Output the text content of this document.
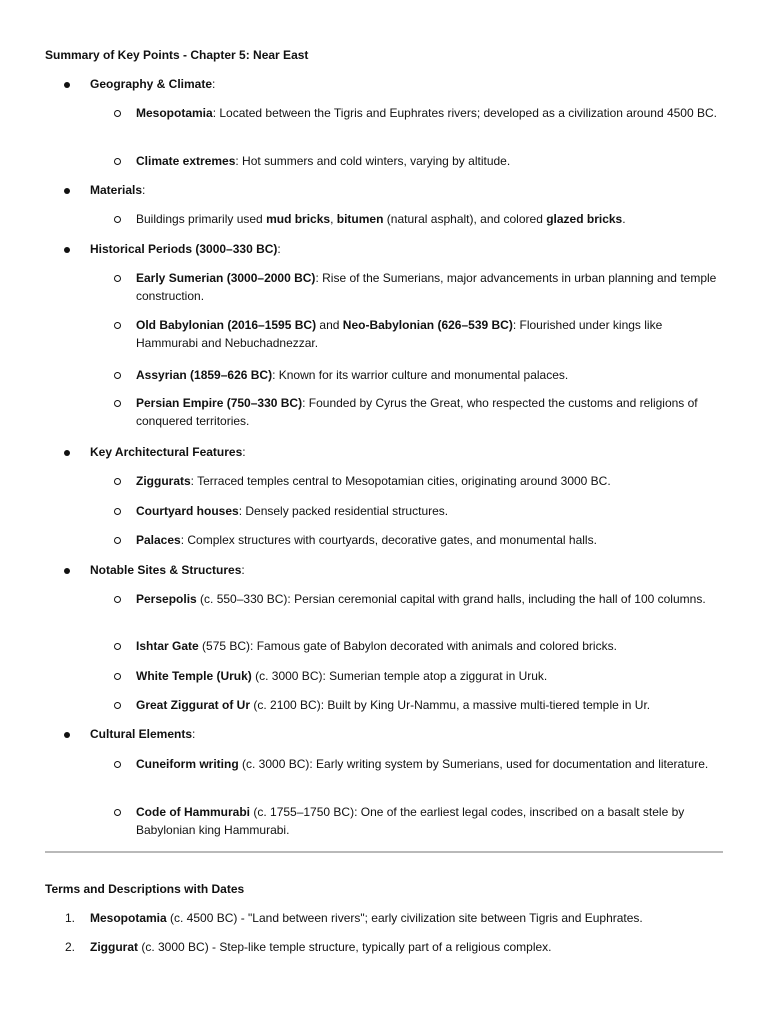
Summary of Key Points - Chapter 5: Near East
Geography & Climate:
Mesopotamia: Located between the Tigris and Euphrates rivers; developed as a civilization around 4500 BC.
Climate extremes: Hot summers and cold winters, varying by altitude.
Materials:
Buildings primarily used mud bricks, bitumen (natural asphalt), and colored glazed bricks.
Historical Periods (3000–330 BC):
Early Sumerian (3000–2000 BC): Rise of the Sumerians, major advancements in urban planning and temple construction.
Old Babylonian (2016–1595 BC) and Neo-Babylonian (626–539 BC): Flourished under kings like Hammurabi and Nebuchadnezzar.
Assyrian (1859–626 BC): Known for its warrior culture and monumental palaces.
Persian Empire (750–330 BC): Founded by Cyrus the Great, who respected the customs and religions of conquered territories.
Key Architectural Features:
Ziggurats: Terraced temples central to Mesopotamian cities, originating around 3000 BC.
Courtyard houses: Densely packed residential structures.
Palaces: Complex structures with courtyards, decorative gates, and monumental halls.
Notable Sites & Structures:
Persepolis (c. 550–330 BC): Persian ceremonial capital with grand halls, including the hall of 100 columns.
Ishtar Gate (575 BC): Famous gate of Babylon decorated with animals and colored bricks.
White Temple (Uruk) (c. 3000 BC): Sumerian temple atop a ziggurat in Uruk.
Great Ziggurat of Ur (c. 2100 BC): Built by King Ur-Nammu, a massive multi-tiered temple in Ur.
Cultural Elements:
Cuneiform writing (c. 3000 BC): Early writing system by Sumerians, used for documentation and literature.
Code of Hammurabi (c. 1755–1750 BC): One of the earliest legal codes, inscribed on a basalt stele by Babylonian king Hammurabi.
Terms and Descriptions with Dates
1. Mesopotamia (c. 4500 BC) - "Land between rivers"; early civilization site between Tigris and Euphrates.
2. Ziggurat (c. 3000 BC) - Step-like temple structure, typically part of a religious complex.
